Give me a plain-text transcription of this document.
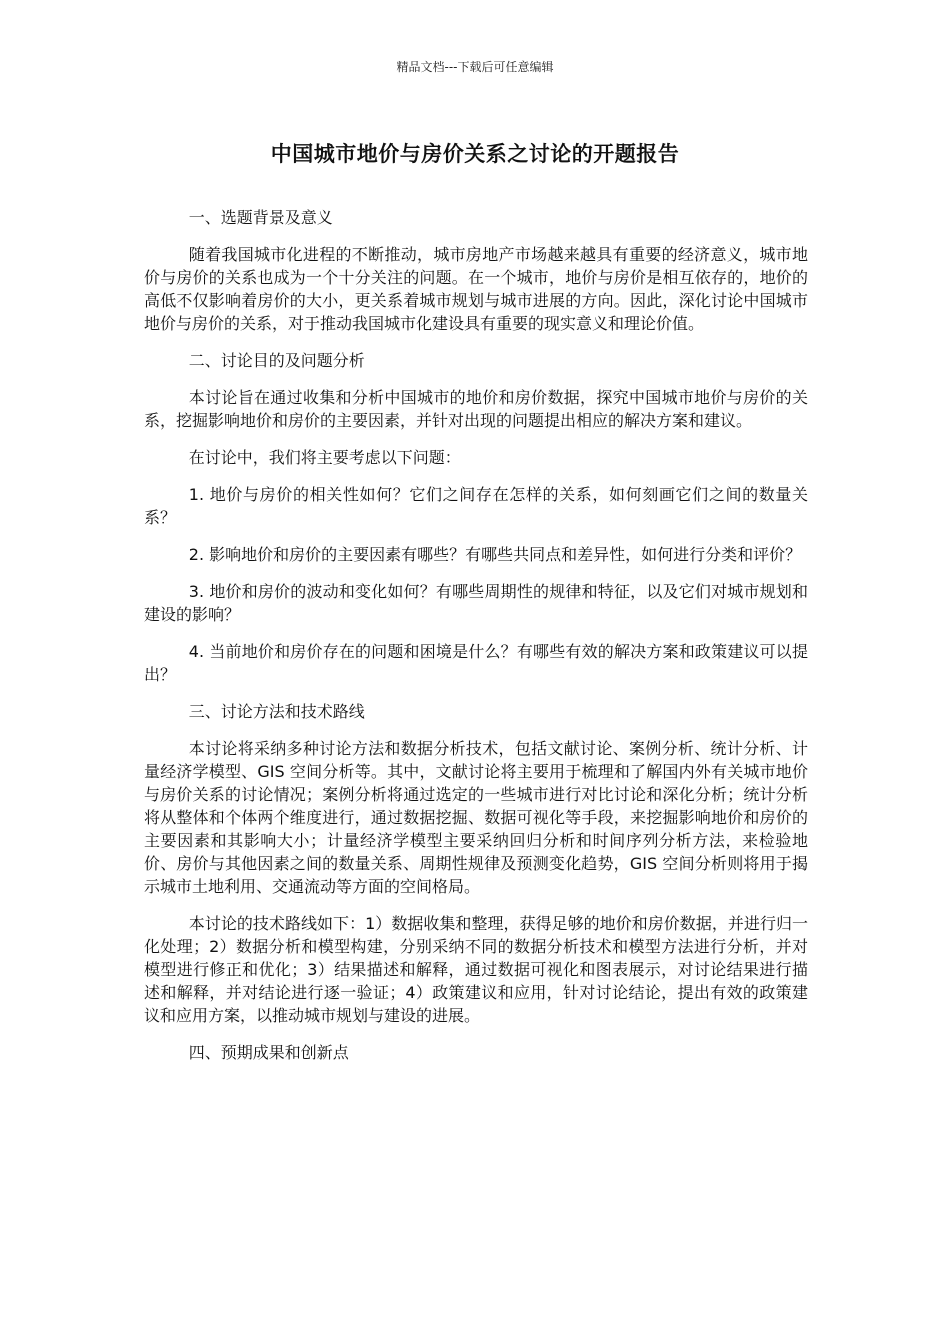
精品文档---下载后可任意编辑
中国城市地价与房价关系之讨论的开题报告

一、选题背景及意义

随着我国城市化进程的不断推动，城市房地产市场越来越具有重要的经济意义，城市地价与房价的关系也成为一个十分关注的问题。在一个城市，地价与房价是相互依存的，地价的高低不仅影响着房价的大小，更关系着城市规划与城市进展的方向。因此，深化讨论中国城市地价与房价的关系，对于推动我国城市化建设具有重要的现实意义和理论价值。

二、讨论目的及问题分析

本讨论旨在通过收集和分析中国城市的地价和房价数据，探究中国城市地价与房价的关系，挖掘影响地价和房价的主要因素，并针对出现的问题提出相应的解决方案和建议。

在讨论中，我们将主要考虑以下问题：

1. 地价与房价的相关性如何？它们之间存在怎样的关系，如何刻画它们之间的数量关系？

2. 影响地价和房价的主要因素有哪些？有哪些共同点和差异性，如何进行分类和评价？

3. 地价和房价的波动和变化如何？有哪些周期性的规律和特征，以及它们对城市规划和建设的影响？

4. 当前地价和房价存在的问题和困境是什么？有哪些有效的解决方案和政策建议可以提出？

三、讨论方法和技术路线

本讨论将采纳多种讨论方法和数据分析技术，包括文献讨论、案例分析、统计分析、计量经济学模型、GIS 空间分析等。其中，文献讨论将主要用于梳理和了解国内外有关城市地价与房价关系的讨论情况；案例分析将通过选定的一些城市进行对比讨论和深化分析；统计分析将从整体和个体两个维度进行，通过数据挖掘、数据可视化等手段，来挖掘影响地价和房价的主要因素和其影响大小；计量经济学模型主要采纳回归分析和时间序列分析方法，来检验地价、房价与其他因素之间的数量关系、周期性规律及预测变化趋势，GIS 空间分析则将用于揭示城市土地利用、交通流动等方面的空间格局。

本讨论的技术路线如下：1）数据收集和整理，获得足够的地价和房价数据，并进行归一化处理；2）数据分析和模型构建，分别采纳不同的数据分析技术和模型方法进行分析，并对模型进行修正和优化；3）结果描述和解释，通过数据可视化和图表展示，对讨论结果进行描述和解释，并对结论进行逐一验证；4）政策建议和应用，针对讨论结论，提出有效的政策建议和应用方案，以推动城市规划与建设的进展。

四、预期成果和创新点
